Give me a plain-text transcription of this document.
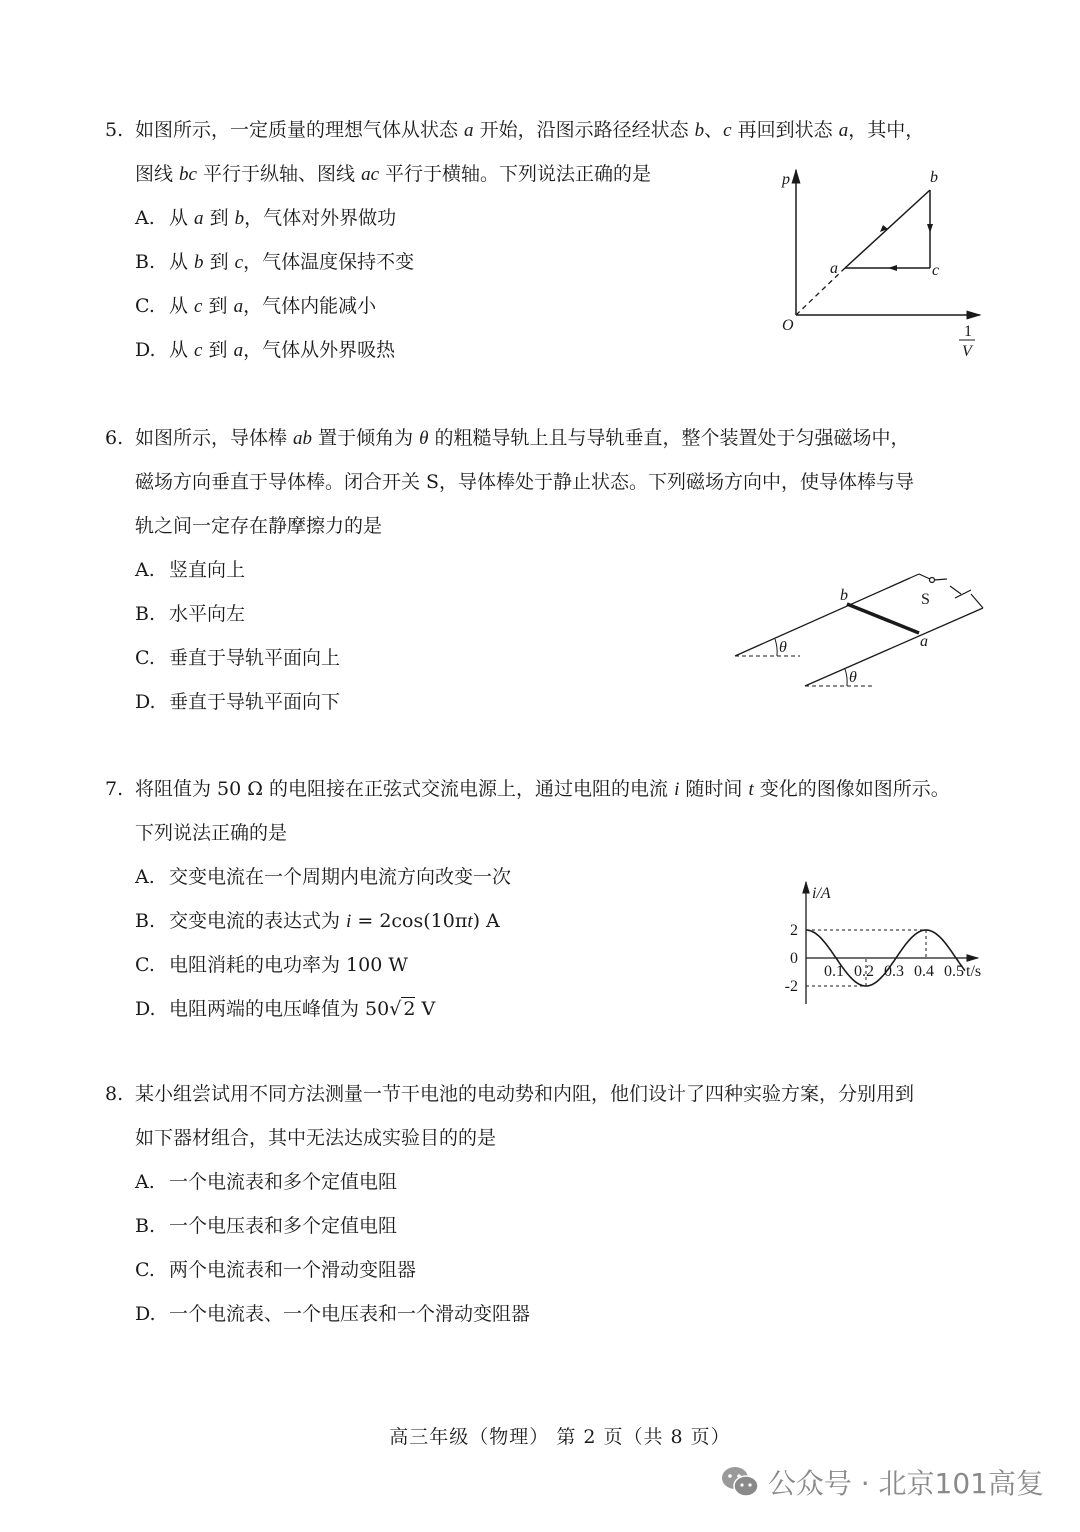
5. 如图所示，一定质量的理想气体从状态 a 开始，沿图示路径经状态 b、c 再回到状态 a，其中，
图线 bc 平行于纵轴、图线 ac 平行于横轴。下列说法正确的是
A. 从 a 到 b，气体对外界做功
B. 从 b 到 c，气体温度保持不变
C. 从 c 到 a，气体内能减小
D. 从 c 到 a，气体从外界吸热
p
O	1
V
a
b
c
6. 如图所示，导体棒 ab 置于倾角为 θ 的粗糙导轨上且与导轨垂直，整个装置处于匀强磁场中，
磁场方向垂直于导体棒。闭合开关 S，导体棒处于静止状态。下列磁场方向中，使导体棒与导
轨之间一定存在静摩擦力的是
A. 竖直向上
B. 水平向左
C. 垂直于导轨平面向上
D. 垂直于导轨平面向下
θ
θ
b
a
S
7. 将阻值为 50 Ω 的电阻接在正弦式交流电源上，通过电阻的电流 i 随时间 t 变化的图像如图所示。
下列说法正确的是
A. 交变电流在一个周期内电流方向改变一次
B. 交变电流的表达式为 i = 2cos(10πt) A
C. 电阻消耗的电功率为 100 W
D. 电阻两端的电压峰值为 50√ 2 V
i/A
t/s
2
0
-2
0.1 0.2 0.3 0.4 0.5
8. 某小组尝试用不同方法测量一节干电池的电动势和内阻，他们设计了四种实验方案，分别用到
如下器材组合，其中无法达成实验目的的是
A. 一个电流表和多个定值电阻
B. 一个电压表和多个定值电阻
C. 两个电流表和一个滑动变阻器
D. 一个电流表、一个电压表和一个滑动变阻器
高三年级（物理） 第 2 页（共 8 页）
公众号 · 北京101高复
